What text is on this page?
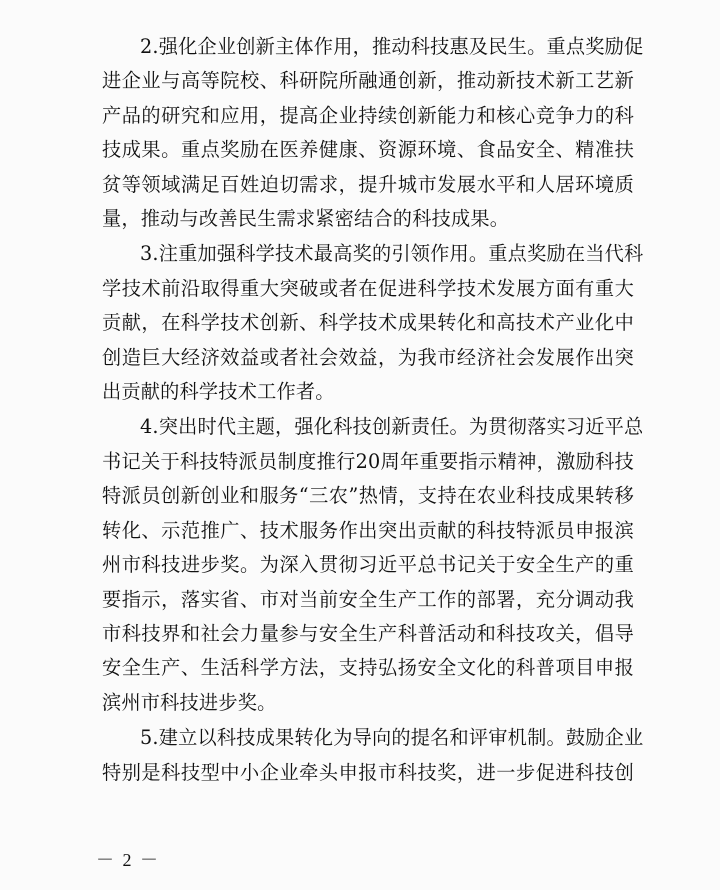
2.强化企业创新主体作用，推动科技惠及民生。重点奖励促
进企业与高等院校、科研院所融通创新，推动新技术新工艺新
产品的研究和应用，提高企业持续创新能力和核心竞争力的科
技成果。重点奖励在医养健康、资源环境、食品安全、精准扶
贫等领域满足百姓迫切需求，提升城市发展水平和人居环境质
量，推动与改善民生需求紧密结合的科技成果。
3.注重加强科学技术最高奖的引领作用。重点奖励在当代科
学技术前沿取得重大突破或者在促进科学技术发展方面有重大
贡献，在科学技术创新、科学技术成果转化和高技术产业化中
创造巨大经济效益或者社会效益，为我市经济社会发展作出突
出贡献的科学技术工作者。
4.突出时代主题，强化科技创新责任。为贯彻落实习近平总
书记关于科技特派员制度推行20周年重要指示精神，激励科技
特派员创新创业和服务“三农”热情，支持在农业科技成果转移
转化、示范推广、技术服务作出突出贡献的科技特派员申报滨
州市科技进步奖。为深入贯彻习近平总书记关于安全生产的重
要指示，落实省、市对当前安全生产工作的部署，充分调动我
市科技界和社会力量参与安全生产科普活动和科技攻关，倡导
安全生产、生活科学方法，支持弘扬安全文化的科普项目申报
滨州市科技进步奖。
5.建立以科技成果转化为导向的提名和评审机制。鼓励企业
特别是科技型中小企业牵头申报市科技奖，进一步促进科技创
－ 2 －
